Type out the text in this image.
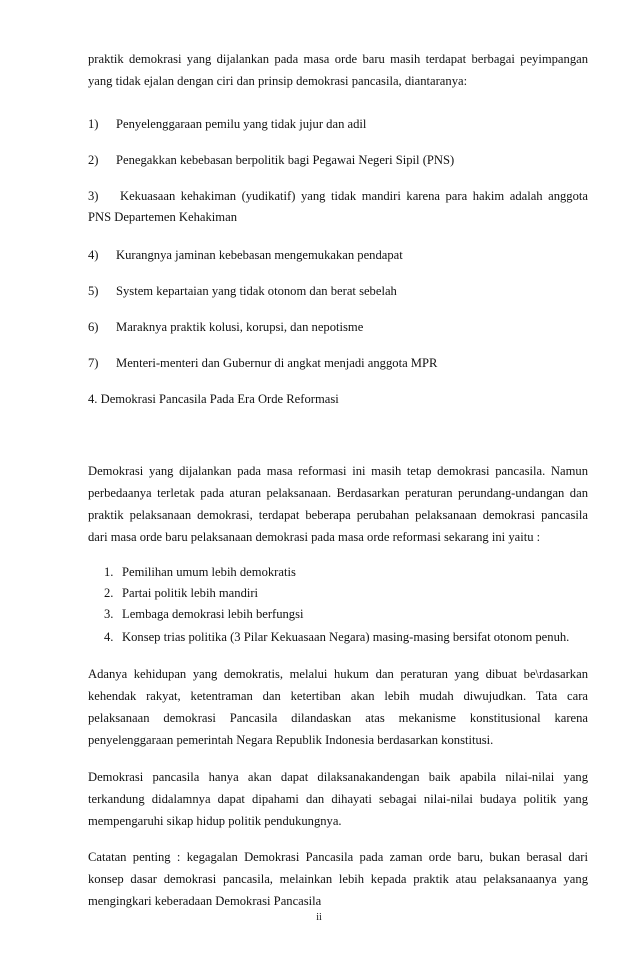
praktik demokrasi yang dijalankan pada masa orde baru masih terdapat berbagai peyimpangan
yang tidak ejalan dengan ciri dan prinsip demokrasi pancasila, diantaranya:
1) Penyelenggaraan pemilu yang tidak jujur dan adil
2) Penegakkan kebebasan berpolitik bagi Pegawai Negeri Sipil (PNS)
3) Kekuasaan kehakiman (yudikatif) yang tidak mandiri karena para hakim adalah anggota
PNS Departemen Kehakiman
4) Kurangnya jaminan kebebasan mengemukakan pendapat
5) System kepartaian yang tidak otonom dan berat sebelah
6) Maraknya praktik kolusi, korupsi, dan nepotisme
7) Menteri-menteri dan Gubernur di angkat menjadi anggota MPR
4. Demokrasi Pancasila Pada Era Orde Reformasi
Demokrasi yang dijalankan pada masa reformasi ini masih tetap demokrasi pancasila. Namun
perbedaanya terletak pada aturan pelaksanaan. Berdasarkan peraturan perundang-undangan dan
praktik pelaksanaan demokrasi, terdapat beberapa perubahan pelaksanaan demokrasi pancasila
dari masa orde baru pelaksanaan demokrasi pada masa orde reformasi sekarang ini yaitu :
1. Pemilihan umum lebih demokratis
2. Partai politik lebih mandiri
3. Lembaga demokrasi lebih berfungsi
4. Konsep trias politika (3 Pilar Kekuasaan Negara) masing-masing bersifat otonom penuh.
Adanya kehidupan yang demokratis, melalui hukum dan peraturan yang dibuat be\rdasarkan
kehendak rakyat, ketentraman dan ketertiban akan lebih mudah diwujudkan. Tata cara
pelaksanaan demokrasi Pancasila dilandaskan atas mekanisme konstitusional karena
penyelenggaraan pemerintah Negara Republik Indonesia berdasarkan konstitusi.
Demokrasi pancasila hanya akan dapat dilaksanakandengan baik apabila nilai-nilai yang
terkandung didalamnya dapat dipahami dan dihayati sebagai nilai-nilai budaya politik yang
mempengaruhi sikap hidup politik pendukungnya.
Catatan penting : kegagalan Demokrasi Pancasila pada zaman orde baru, bukan berasal dari
konsep dasar demokrasi pancasila, melainkan lebih kepada praktik atau pelaksanaanya yang
mengingkari keberadaan Demokrasi Pancasila
ii
